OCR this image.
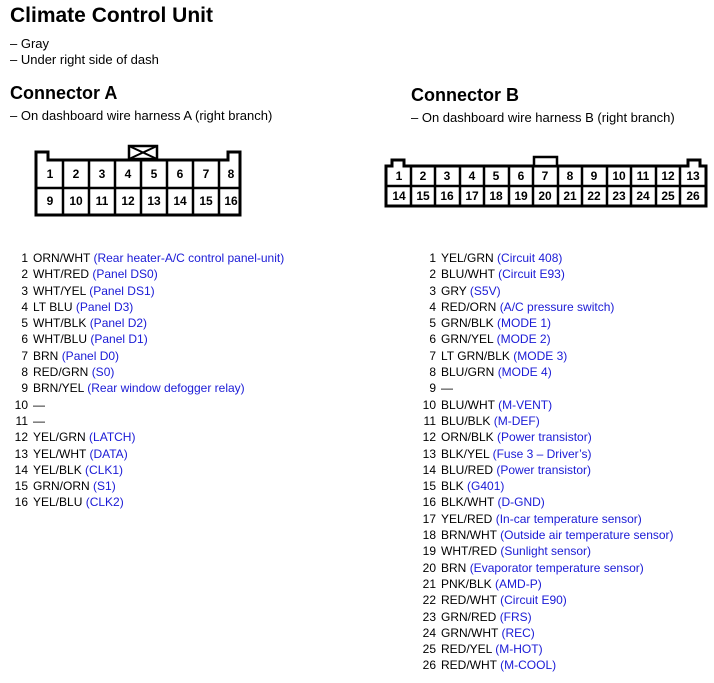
Climate Control Unit
– Gray
– Under right side of dash
Connector A
– On dashboard wire harness A (right branch)
Connector B
– On dashboard wire harness B (right branch)
1 2 3 4 5 6 7 8
9 10 11 12 13 14 15 16
1 2 3 4 5 6 7 8 9 10 11 12 13
14 15 16 17 18 19 20 21 22 23 24 25 26
1 ORN/WHT (Rear heater-A/C control panel-unit)
2 WHT/RED (Panel DS0)
3 WHT/YEL (Panel DS1)
4 LT BLU (Panel D3)
5 WHT/BLK (Panel D2)
6 WHT/BLU (Panel D1)
7 BRN (Panel D0)
8 RED/GRN (S0)
9 BRN/YEL (Rear window defogger relay)
10 —
11 —
12 YEL/GRN (LATCH)
13 YEL/WHT (DATA)
14 YEL/BLK (CLK1)
15 GRN/ORN (S1)
16 YEL/BLU (CLK2)
1 YEL/GRN (Circuit 408)
2 BLU/WHT (Circuit E93)
3 GRY (S5V)
4 RED/ORN (A/C pressure switch)
5 GRN/BLK (MODE 1)
6 GRN/YEL (MODE 2)
7 LT GRN/BLK (MODE 3)
8 BLU/GRN (MODE 4)
9 —
10 BLU/WHT (M-VENT)
11 BLU/BLK (M-DEF)
12 ORN/BLK (Power transistor)
13 BLK/YEL (Fuse 3 – Driver’s)
14 BLU/RED (Power transistor)
15 BLK (G401)
16 BLK/WHT (D-GND)
17 YEL/RED (In-car temperature sensor)
18 BRN/WHT (Outside air temperature sensor)
19 WHT/RED (Sunlight sensor)
20 BRN (Evaporator temperature sensor)
21 PNK/BLK (AMD-P)
22 RED/WHT (Circuit E90)
23 GRN/RED (FRS)
24 GRN/WHT (REC)
25 RED/YEL (M-HOT)
26 RED/WHT (M-COOL)
